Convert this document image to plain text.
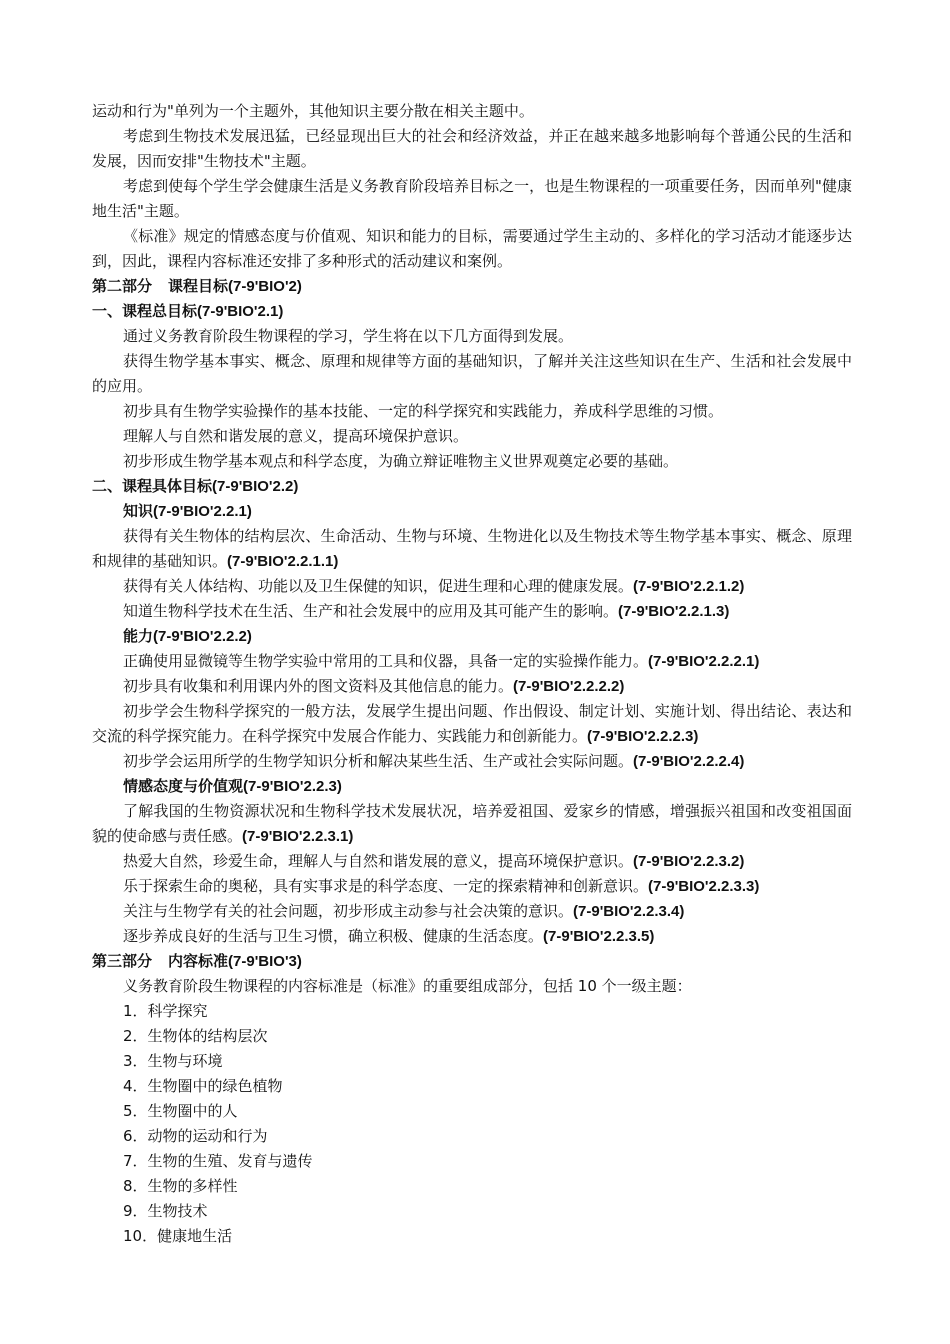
运动和行为"单列为一个主题外，其他知识主要分散在相关主题中。

考虑到生物技术发展迅猛，已经显现出巨大的社会和经济效益，并正在越来越多地影响每个普通公民的生活和发展，因而安排"生物技术"主题。

考虑到使每个学生学会健康生活是义务教育阶段培养目标之一，也是生物课程的一项重要任务，因而单列"健康地生活"主题。

《标准》规定的情感态度与价值观、知识和能力的目标，需要通过学生主动的、多样化的学习活动才能逐步达到，因此，课程内容标准还安排了多种形式的活动建议和案例。

第二部分 课程目标(7-9'BIO'2)

一、课程总目标(7-9'BIO'2.1)

通过义务教育阶段生物课程的学习，学生将在以下几方面得到发展。

获得生物学基本事实、概念、原理和规律等方面的基础知识，了解并关注这些知识在生产、生活和社会发展中的应用。

初步具有生物学实验操作的基本技能、一定的科学探究和实践能力，养成科学思维的习惯。

理解人与自然和谐发展的意义，提高环境保护意识。

初步形成生物学基本观点和科学态度，为确立辩证唯物主义世界观奠定必要的基础。

二、课程具体目标(7-9'BIO'2.2)

知识(7-9'BIO'2.2.1)

获得有关生物体的结构层次、生命活动、生物与环境、生物进化以及生物技术等生物学基本事实、概念、原理和规律的基础知识。(7-9'BIO'2.2.1.1)

获得有关人体结构、功能以及卫生保健的知识，促进生理和心理的健康发展。(7-9'BIO'2.2.1.2)

知道生物科学技术在生活、生产和社会发展中的应用及其可能产生的影响。(7-9'BIO'2.2.1.3)

能力(7-9'BIO'2.2.2)

正确使用显微镜等生物学实验中常用的工具和仪器，具备一定的实验操作能力。(7-9'BIO'2.2.2.1)

初步具有收集和利用课内外的图文资料及其他信息的能力。(7-9'BIO'2.2.2.2)

初步学会生物科学探究的一般方法，发展学生提出问题、作出假设、制定计划、实施计划、得出结论、表达和交流的科学探究能力。在科学探究中发展合作能力、实践能力和创新能力。(7-9'BIO'2.2.2.3)

初步学会运用所学的生物学知识分析和解决某些生活、生产或社会实际问题。(7-9'BIO'2.2.2.4)

情感态度与价值观(7-9'BIO'2.2.3)

了解我国的生物资源状况和生物科学技术发展状况，培养爱祖国、爱家乡的情感，增强振兴祖国和改变祖国面貌的使命感与责任感。(7-9'BIO'2.2.3.1)

热爱大自然，珍爱生命，理解人与自然和谐发展的意义，提高环境保护意识。(7-9'BIO'2.2.3.2)

乐于探索生命的奥秘，具有实事求是的科学态度、一定的探索精神和创新意识。(7-9'BIO'2.2.3.3)

关注与生物学有关的社会问题，初步形成主动参与社会决策的意识。(7-9'BIO'2.2.3.4)

逐步养成良好的生活与卫生习惯，确立积极、健康的生活态度。(7-9'BIO'2.2.3.5)

第三部分 内容标准(7-9'BIO'3)

义务教育阶段生物课程的内容标准是（标准》的重要组成部分，包括 10 个一级主题：

1．科学探究

2．生物体的结构层次

3．生物与环境

4．生物圈中的绿色植物

5．生物圈中的人

6．动物的运动和行为

7．生物的生殖、发育与遗传

8．生物的多样性

9．生物技术

10．健康地生活
